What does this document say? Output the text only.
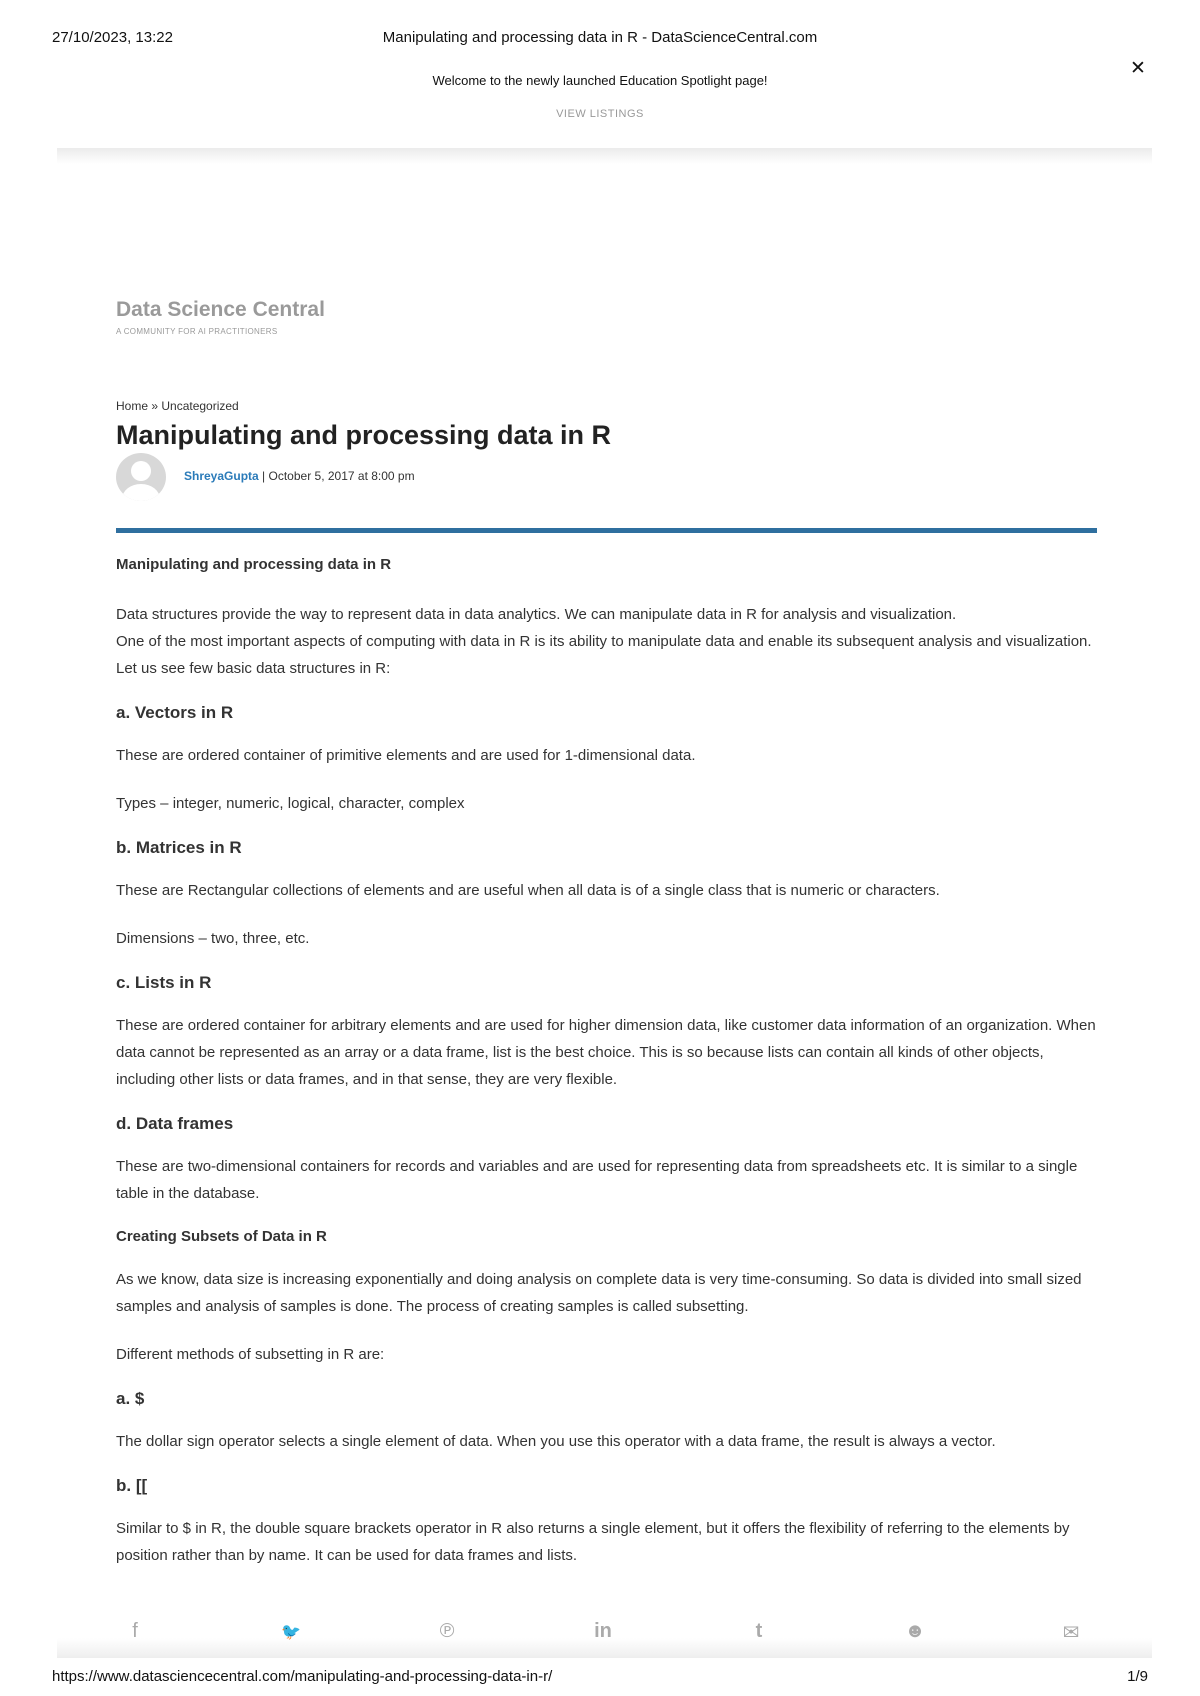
27/10/2023, 13:22	Manipulating and processing data in R - DataScienceCentral.com
✕
Welcome to the newly launched Education Spotlight page!
VIEW LISTINGS
Data Science Central
A COMMUNITY FOR AI PRACTITIONERS
Home » Uncategorized
Manipulating and processing data in R
ShreyaGupta | October 5, 2017 at 8:00 pm
Manipulating and processing data in R

Data structures provide the way to represent data in data analytics. We can manipulate data in R for analysis and visualization.

One of the most important aspects of computing with data in R is its ability to manipulate data and enable its subsequent analysis and visualization. Let us see few basic data structures in R:

a. Vectors in R

These are ordered container of primitive elements and are used for 1-dimensional data.

Types – integer, numeric, logical, character, complex

b. Matrices in R

These are Rectangular collections of elements and are useful when all data is of a single class that is numeric or characters.

Dimensions – two, three, etc.

c. Lists in R

These are ordered container for arbitrary elements and are used for higher dimension data, like customer data information of an organization. When data cannot be represented as an array or a data frame, list is the best choice. This is so because lists can contain all kinds of other objects, including other lists or data frames, and in that sense, they are very flexible.

d. Data frames

These are two-dimensional containers for records and variables and are used for representing data from spreadsheets etc. It is similar to a single table in the database.

Creating Subsets of Data in R

As we know, data size is increasing exponentially and doing analysis on complete data is very time-consuming. So data is divided into small sized samples and analysis of samples is done. The process of creating samples is called subsetting.

Different methods of subsetting in R are:

a. $

The dollar sign operator selects a single element of data. When you use this operator with a data frame, the result is always a vector.

b. [[

Similar to $ in R, the double square brackets operator in R also returns a single element, but it offers the flexibility of referring to the elements by position rather than by name. It can be used for data frames and lists.

f	🐦	℗	in	t	☻	✉
https://www.datasciencecentral.com/manipulating-and-processing-data-in-r/	1/9
